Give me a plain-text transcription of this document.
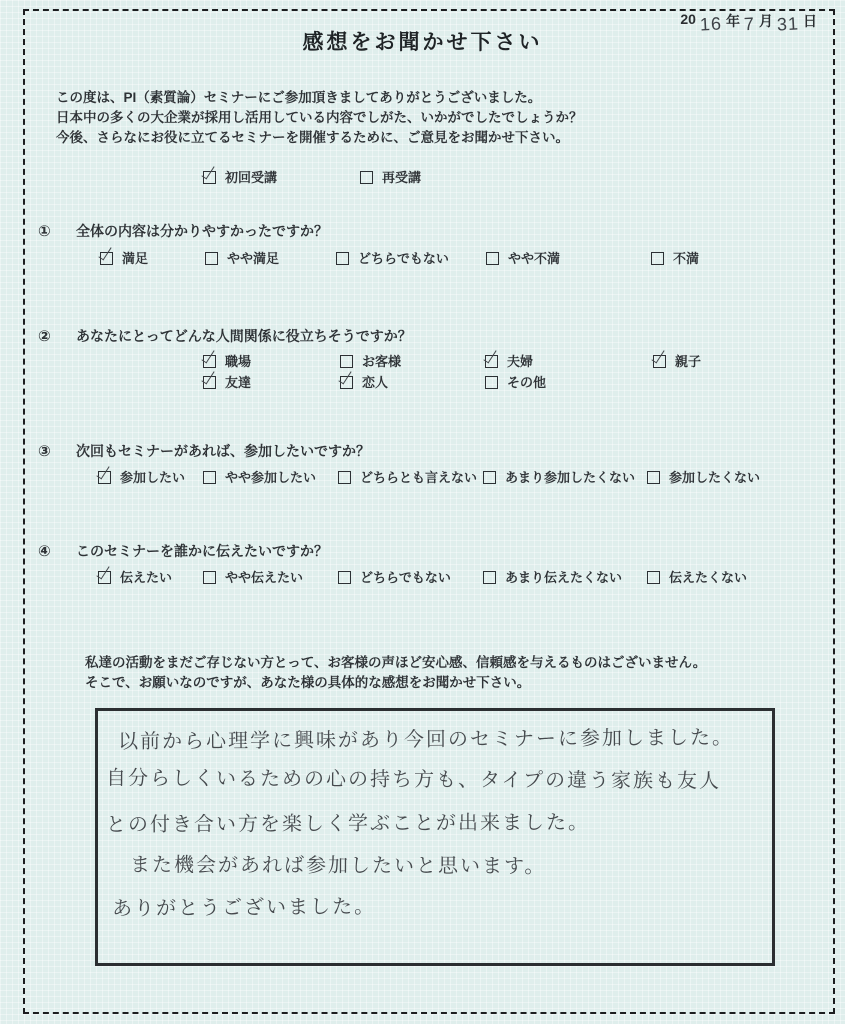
感想をお聞かせ下さい
20 16 年 7 月 31 日
この度は、PI（素質論）セミナーにご参加頂きましてありがとうございました。
日本中の多くの大企業が採用し活用している内容でしがた、いかがでしたでしょうか？
今後、さらなにお役に立てるセミナーを開催するために、ご意見をお聞かせ下さい。
初回受講	再受講
① 全体の内容は分かりやすかったですか？
満足	やや満足	どちらでもない	やや不満	不満
② あなたにとってどんな人間関係に役立ちそうですか？
職場	お客様	夫婦	親子
友達	恋人	その他
③ 次回もセミナーがあれば、参加したいですか？
参加したい	やや参加したい	どちらとも言えない あまり参加したくない	参加したくない
④ このセミナーを誰かに伝えたいですか？
伝えたい	やや伝えたい	どちらでもない	あまり伝えたくない	伝えたくない
私達の活動をまだご存じない方とって、お客様の声ほど安心感、信頼感を与えるものはございません。
そこで、お願いなのですが、あなた様の具体的な感想をお聞かせ下さい。
以前から心理学に興味があり今回のセミナーに参加しました。
自分らしくいるための心の持ち方も、タイプの違う家族も友人
との付き合い方を楽しく学ぶことが出来ました。
また機会があれば参加したいと思います。
ありがとうございました。
